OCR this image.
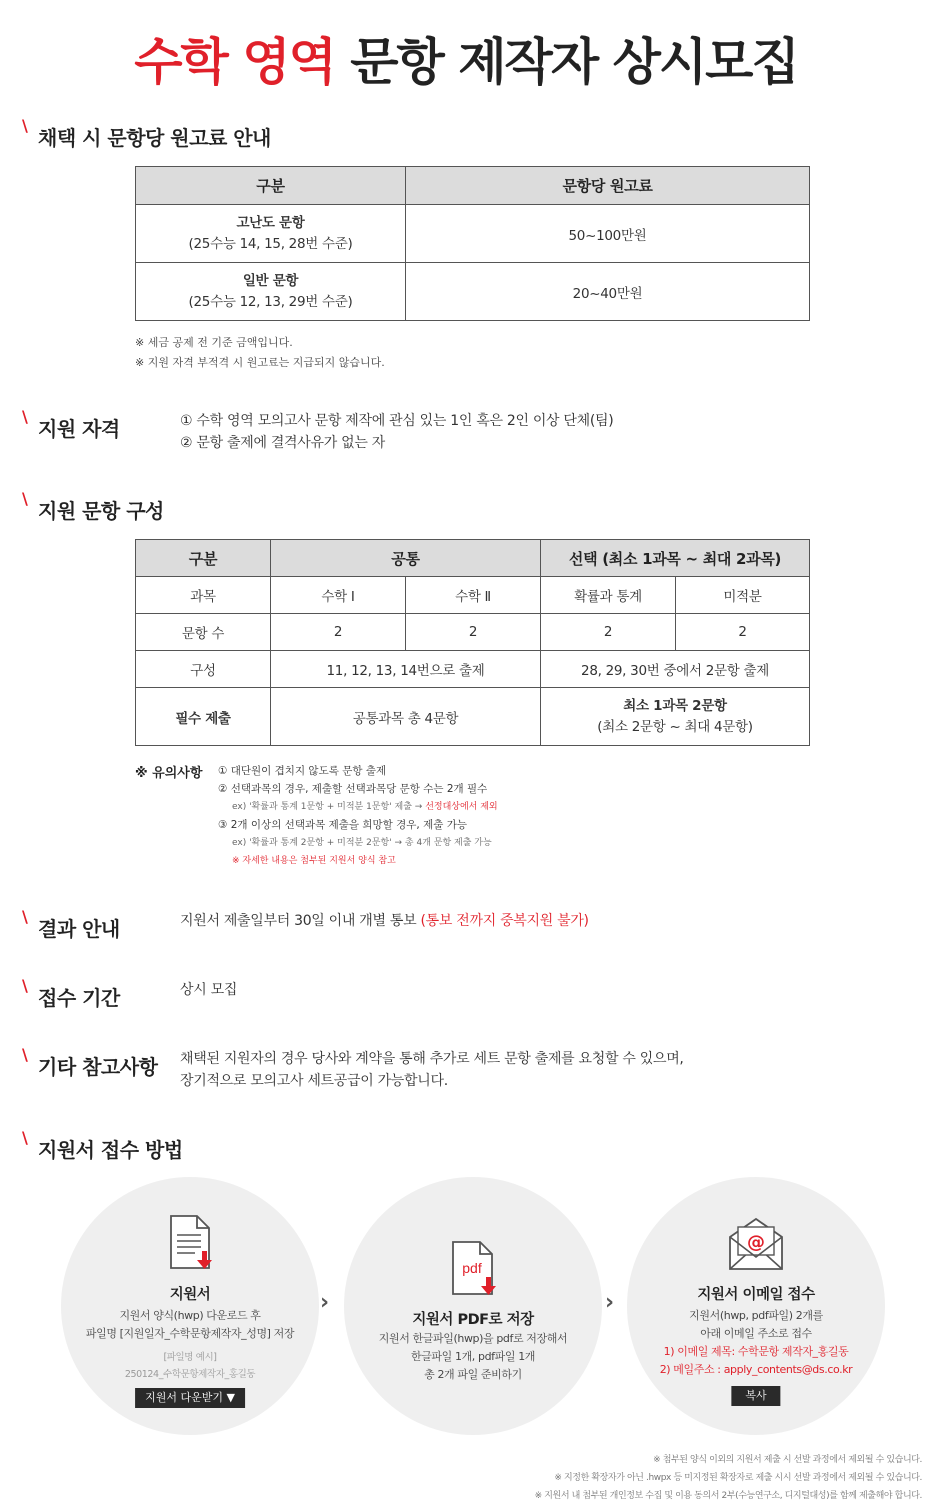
수학 영역 문항 제작자 상시모집
\
채택 시 문항당 원고료 안내
구분	문항당 원고료

고난도 문항
(25수능 14, 15, 28번 수준)	50~100만원

일반 문항
(25수능 12, 13, 29번 수준)	20~40만원
※ 세금 공제 전 기준 금액입니다.
※ 지원 자격 부적격 시 원고료는 지급되지 않습니다.
\
지원 자격	① 수학 영역 모의고사 문항 제작에 관심 있는 1인 혹은 2인 이상 단체(팀)
② 문항 출제에 결격사유가 없는 자
\
지원 문항 구성
구분	공통		선택 (최소 1과목 ~ 최대 2과목)	
과목	수학 Ⅰ	수학 Ⅱ	확률과 통계	미적분
문항 수	2	2	2	2
구성	11, 12, 13, 14번으로 출제		28, 29, 30번 중에서 2문항 출제	
필수 제출	공통과목 총 4문항		최소 1과목 2문항
(최소 2문항 ~ 최대 4문항)	
※ 유의사항 ① 대단원이 겹치지 않도록 문항 출제
② 선택과목의 경우, 제출할 선택과목당 문항 수는 2개 필수
ex) '확률과 통계 1문항 + 미적분 1문항' 제출 → 선정대상에서 제외
③ 2개 이상의 선택과목 제출을 희망할 경우, 제출 가능
ex) '확률과 통계 2문항 + 미적분 2문항' → 총 4개 문항 제출 가능
※ 자세한 내용은 첨부된 지원서 양식 참고
\
결과 안내	지원서 제출일부터 30일 이내 개별 통보 (통보 전까지 중복지원 불가)
\
접수 기간	상시 모집
\
기타 참고사항 채택된 지원자의 경우 당사와 계약을 통해 추가로 세트 문항 출제를 요청할 수 있으며,
장기적으로 모의고사 세트공급이 가능합니다.
\
지원서 접수 방법
지원서
지원서 양식(hwp) 다운로드 후
파일명 [지원일자_수학문항제작자_성명] 저장
[파일명 예시]
250124_수학문항제작자_홍길동
지원서 다운받기 ▼
›
pdf
지원서 PDF로 저장
지원서 한글파일(hwp)을 pdf로 저장해서
한글파일 1개, pdf파일 1개
총 2개 파일 준비하기
›
@
지원서 이메일 접수
지원서(hwp, pdf파일) 2개를
아래 이메일 주소로 접수
1) 이메일 제목: 수학문항 제작자_홍길동
2) 메일주소 : apply_contents@ds.co.kr
복사
※ 첨부된 양식 이외의 지원서 제출 시 선발 과정에서 제외될 수 있습니다.
※ 지정한 확장자가 아닌 .hwpx 등 미지정된 확장자로 제출 시시 선발 과정에서 제외될 수 있습니다.
※ 지원서 내 첨부된 개인정보 수집 및 이용 동의서 2부(수능연구소, 디지털대성)를 함께 제출해야 합니다.
